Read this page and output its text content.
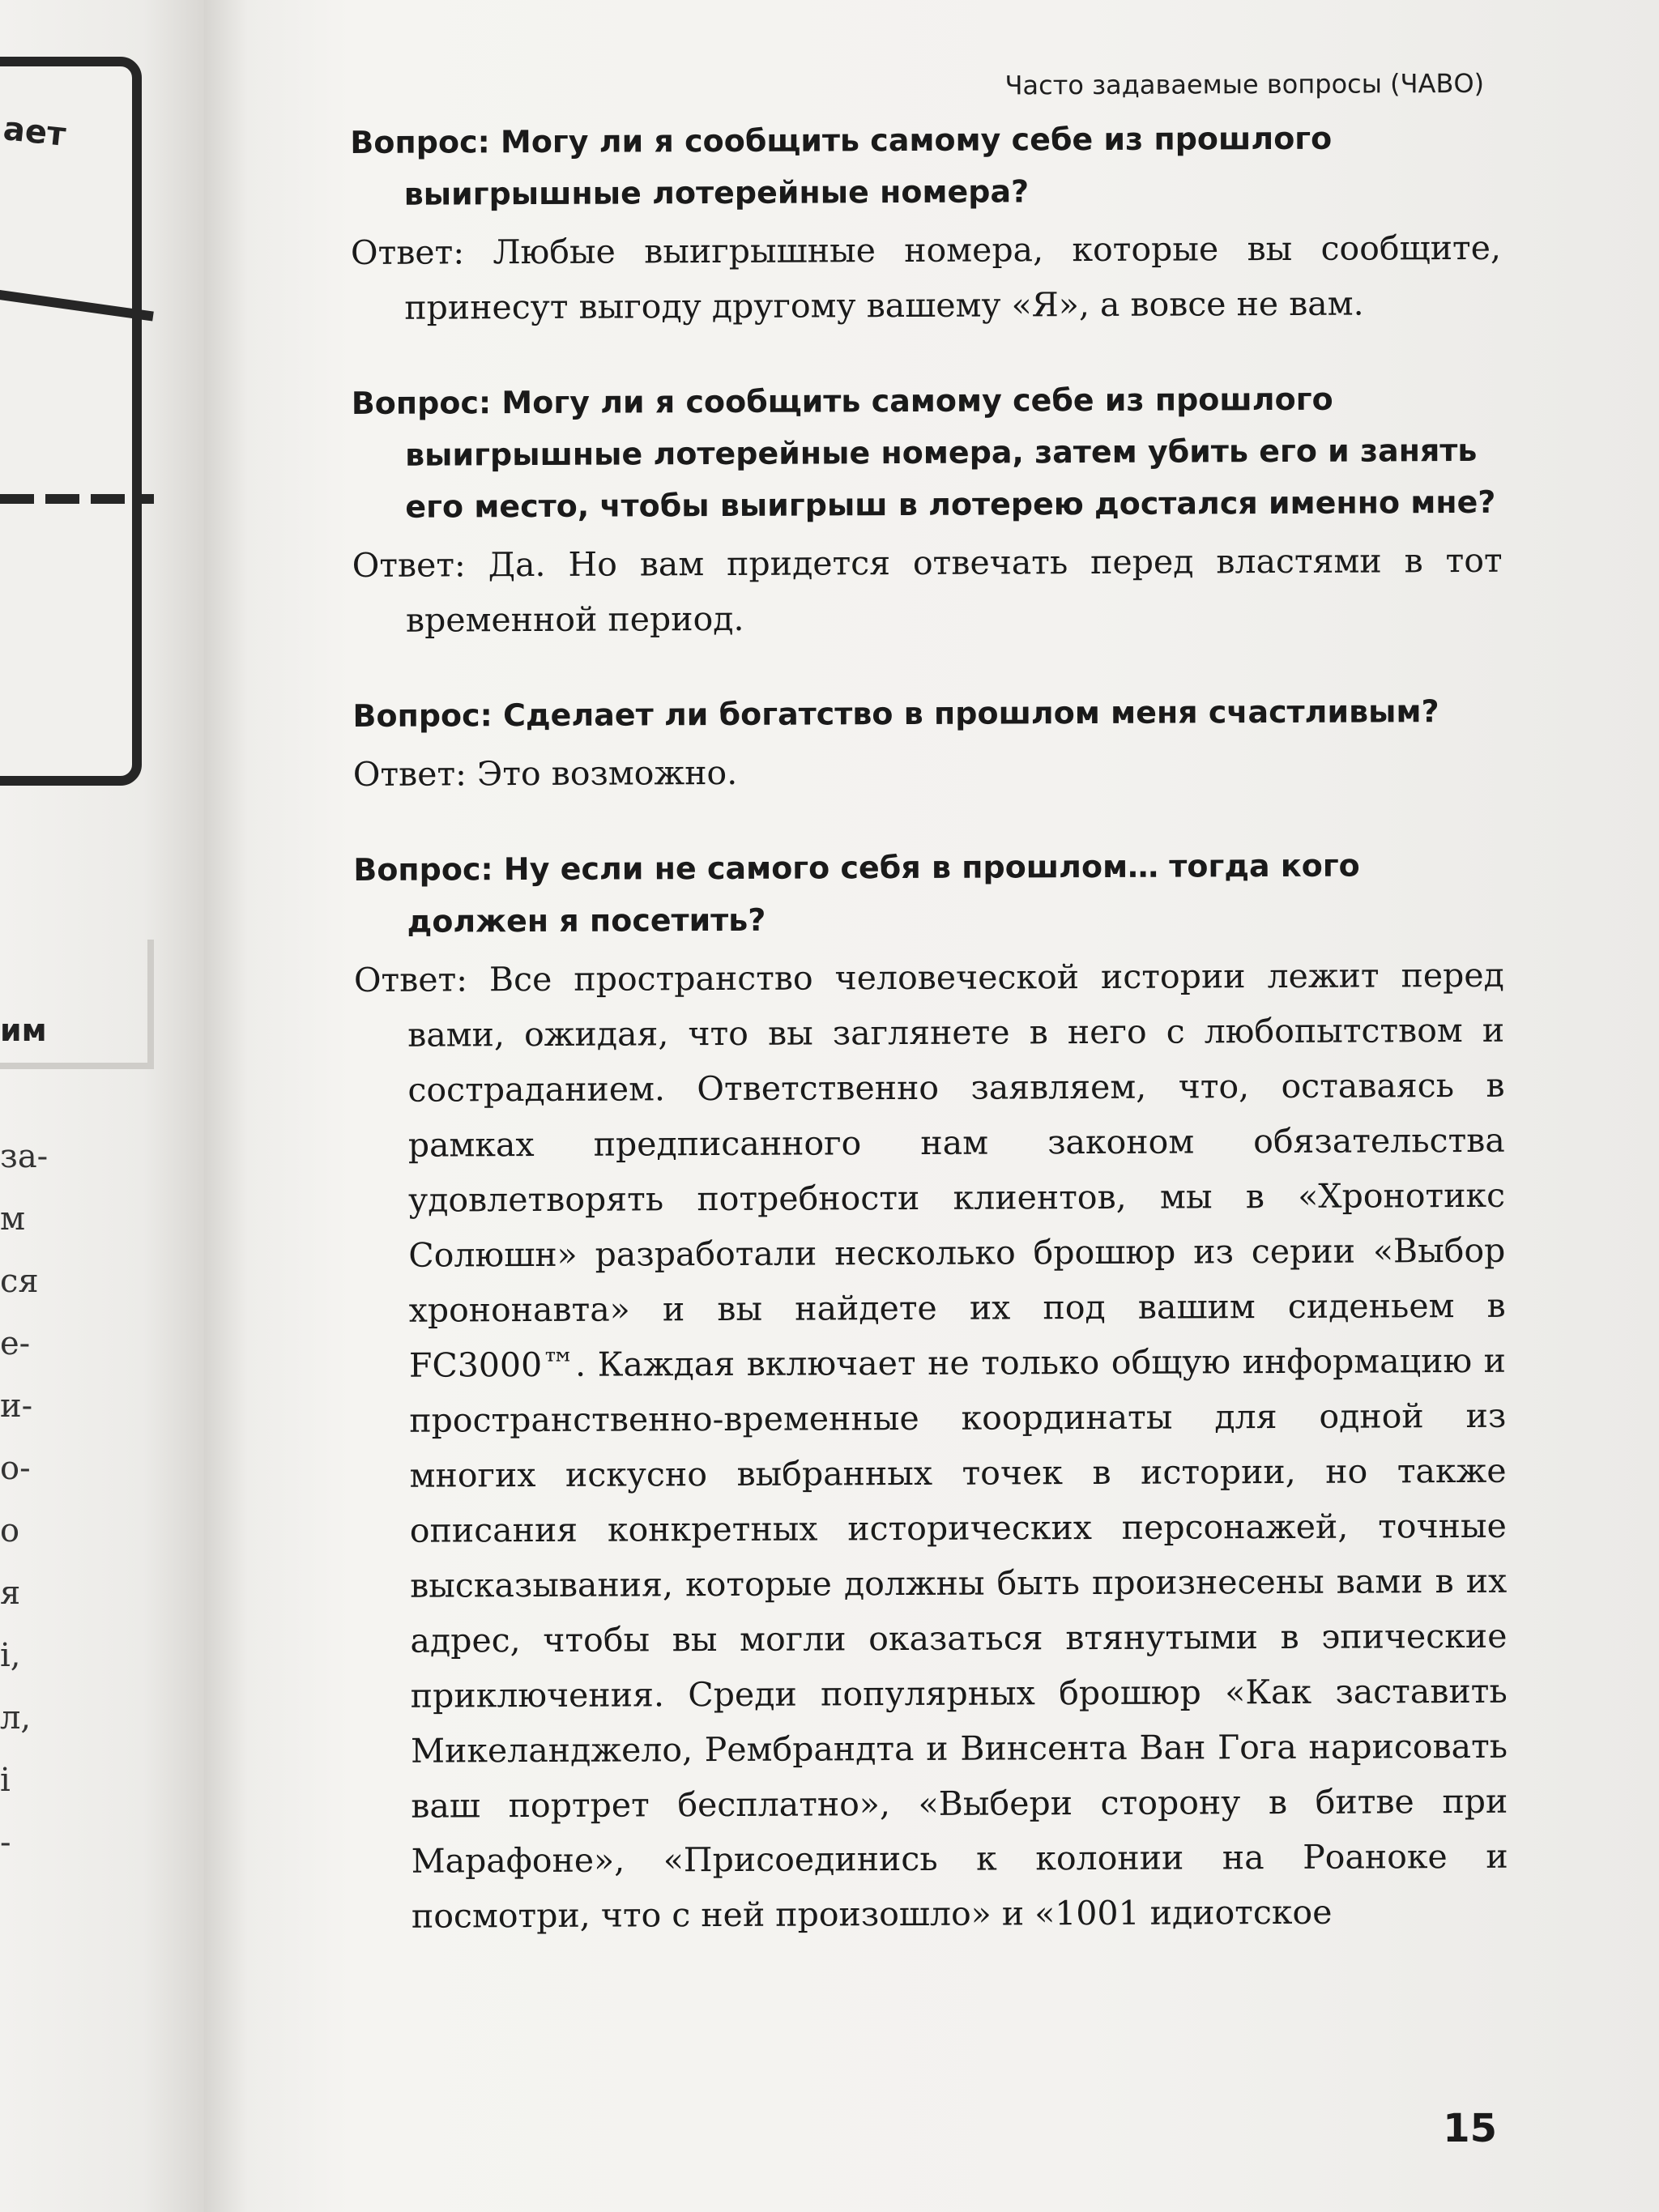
ает
им
за-
м
ся
е-
и-
о-
о
я
і,
л,
і
-
Часто задаваемые вопросы (ЧАВО)
Вопрос: Могу ли я сообщить самому себе из прошлого выигрышные лотерейные номера?
Ответ: Любые выигрышные номера, которые вы сообщите, принесут выгоду другому вашему «Я», а вовсе не вам.
Вопрос: Могу ли я сообщить самому себе из прошлого выигрышные лотерейные номера, затем убить его и занять его место, чтобы выигрыш в лотерею достался именно мне?
Ответ: Да. Но вам придется отвечать перед властями в тот временной период.
Вопрос: Сделает ли богатство в прошлом меня счастливым?
Ответ: Это возможно.
Вопрос: Ну если не самого себя в прошлом… тогда кого должен я посетить?
Ответ: Все пространство человеческой истории лежит перед вами, ожидая, что вы заглянете в него с любопытством и состраданием. Ответственно заявляем, что, оставаясь в рамках предписанного нам законом обязательства удовлетворять потребности клиентов, мы в «Хронотикс Солюшн» разработали несколько брошюр из серии «Выбор хрононавта» и вы найдете их под вашим сиденьем в FC3000™. Каждая включает не только общую информацию и пространственно-временные координаты для одной из многих искусно выбранных точек в истории, но также описания конкретных исторических персонажей, точные высказывания, которые должны быть произнесены вами в их адрес, чтобы вы могли оказаться втянутыми в эпические приключения. Среди популярных брошюр «Как заставить Микеланджело, Рембрандта и Винсента Ван Гога нарисовать ваш портрет бесплатно», «Выбери сторону в битве при Марафоне», «Присоединись к колонии на Роаноке и посмотри, что с ней произошло» и «1001 идиотское
15
